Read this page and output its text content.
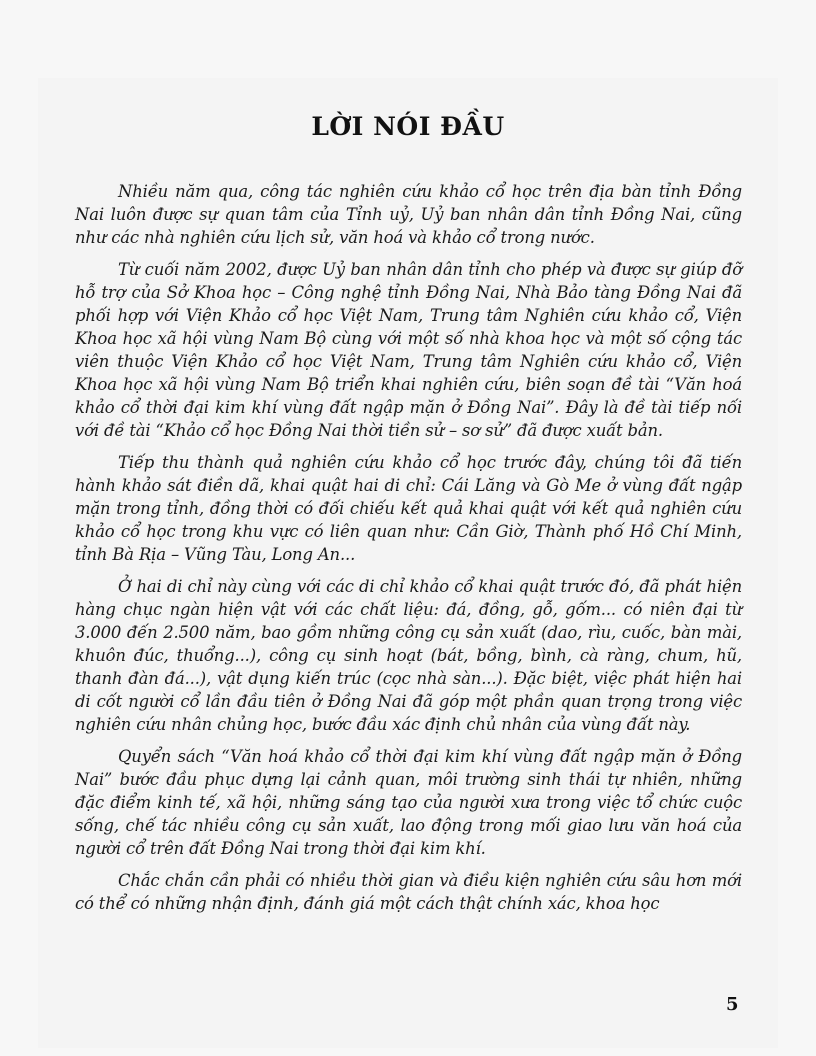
LỜI NÓI ĐẦU

Nhiều năm qua, công tác nghiên cứu khảo cổ học trên địa bàn tỉnh Đồng Nai luôn được sự quan tâm của Tỉnh uỷ, Uỷ ban nhân dân tỉnh Đồng Nai, cũng như các nhà nghiên cứu lịch sử, văn hoá và khảo cổ trong nước.

Từ cuối năm 2002, được Uỷ ban nhân dân tỉnh cho phép và được sự giúp đỡ hỗ trợ của Sở Khoa học – Công nghệ tỉnh Đồng Nai, Nhà Bảo tàng Đồng Nai đã phối hợp với Viện Khảo cổ học Việt Nam, Trung tâm Nghiên cứu khảo cổ, Viện Khoa học xã hội vùng Nam Bộ cùng với một số nhà khoa học và một số cộng tác viên thuộc Viện Khảo cổ học Việt Nam, Trung tâm Nghiên cứu khảo cổ, Viện Khoa học xã hội vùng Nam Bộ triển khai nghiên cứu, biên soạn đề tài “Văn hoá khảo cổ thời đại kim khí vùng đất ngập mặn ở Đồng Nai”. Đây là đề tài tiếp nối với đề tài “Khảo cổ học Đồng Nai thời tiền sử – sơ sử” đã được xuất bản.

Tiếp thu thành quả nghiên cứu khảo cổ học trước đây, chúng tôi đã tiến hành khảo sát điền dã, khai quật hai di chỉ: Cái Lăng và Gò Me ở vùng đất ngập mặn trong tỉnh, đồng thời có đối chiếu kết quả khai quật với kết quả nghiên cứu khảo cổ học trong khu vực có liên quan như: Cần Giờ, Thành phố Hồ Chí Minh, tỉnh Bà Rịa – Vũng Tàu, Long An...

Ở hai di chỉ này cùng với các di chỉ khảo cổ khai quật trước đó, đã phát hiện hàng chục ngàn hiện vật với các chất liệu: đá, đồng, gỗ, gốm... có niên đại từ 3.000 đến 2.500 năm, bao gồm những công cụ sản xuất (dao, rìu, cuốc, bàn mài, khuôn đúc, thuổng...), công cụ sinh hoạt (bát, bồng, bình, cà ràng, chum, hũ, thanh đàn đá...), vật dụng kiến trúc (cọc nhà sàn...). Đặc biệt, việc phát hiện hai di cốt người cổ lần đầu tiên ở Đồng Nai đã góp một phần quan trọng trong việc nghiên cứu nhân chủng học, bước đầu xác định chủ nhân của vùng đất này.

Quyển sách “Văn hoá khảo cổ thời đại kim khí vùng đất ngập mặn ở Đồng Nai” bước đầu phục dựng lại cảnh quan, môi trường sinh thái tự nhiên, những đặc điểm kinh tế, xã hội, những sáng tạo của người xưa trong việc tổ chức cuộc sống, chế tác nhiều công cụ sản xuất, lao động trong mối giao lưu văn hoá của người cổ trên đất Đồng Nai trong thời đại kim khí.

Chắc chắn cần phải có nhiều thời gian và điều kiện nghiên cứu sâu hơn mới có thể có những nhận định, đánh giá một cách thật chính xác, khoa học

5
